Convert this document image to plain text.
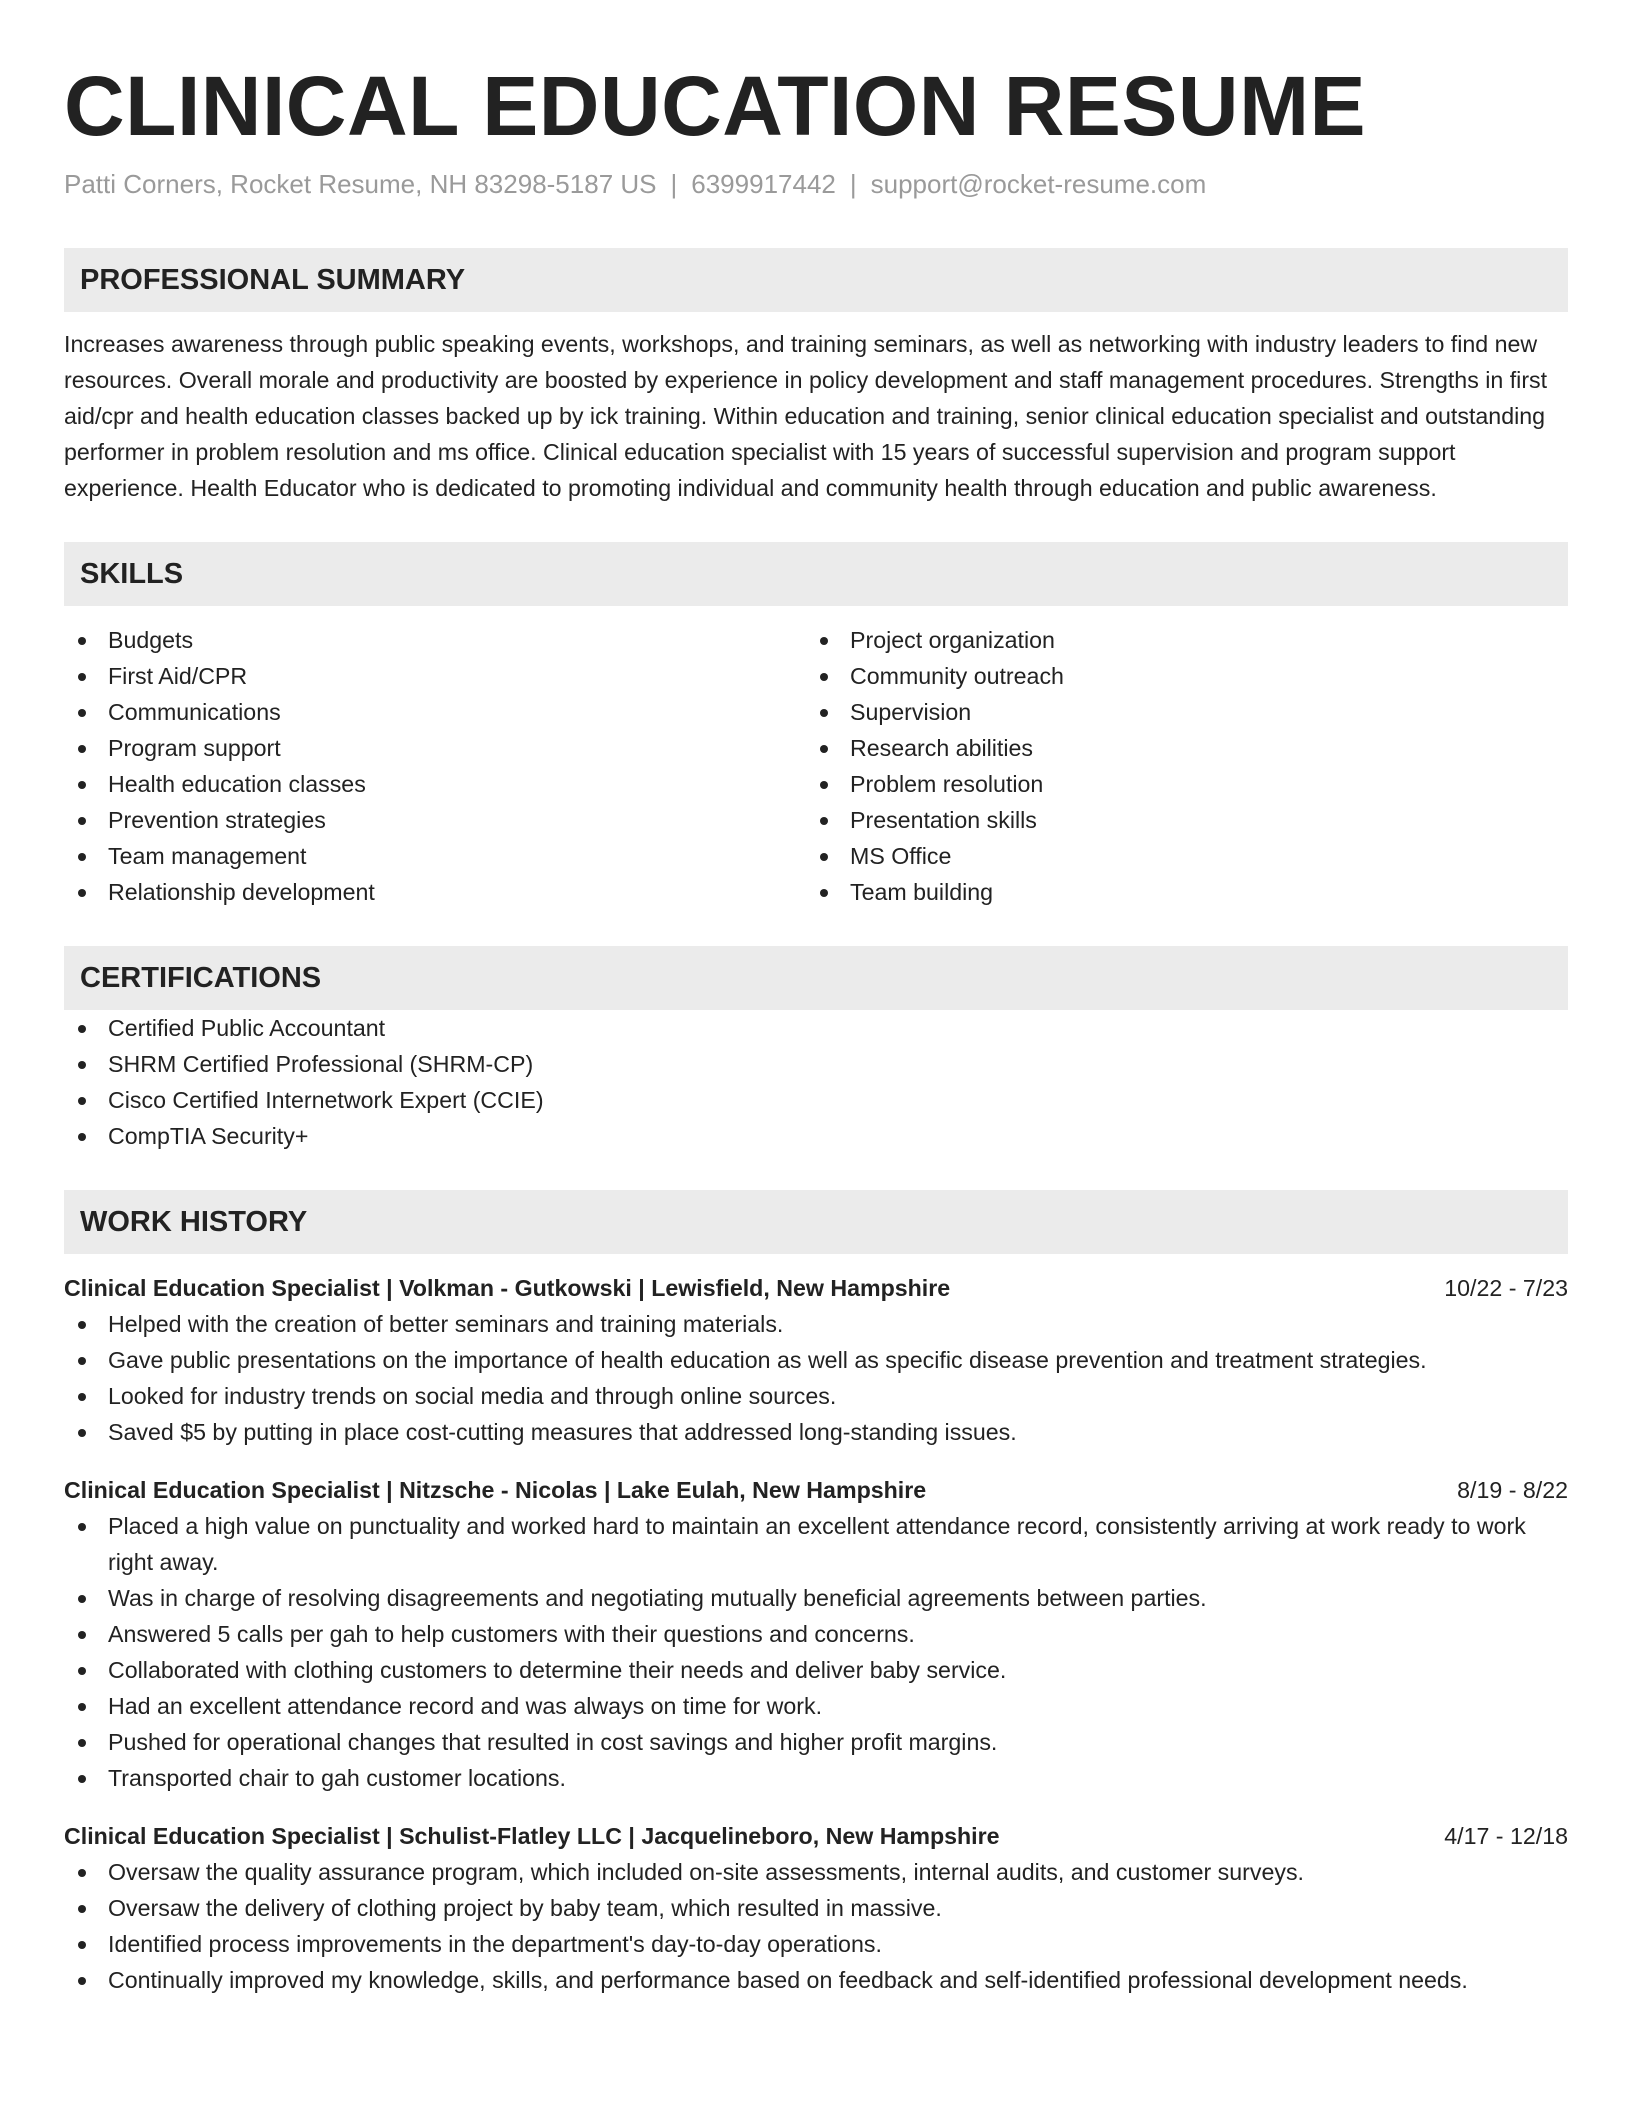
CLINICAL EDUCATION RESUME
Patti Corners, Rocket Resume, NH 83298-5187 US | 6399917442 | support@rocket-resume.com
PROFESSIONAL SUMMARY
Increases awareness through public speaking events, workshops, and training seminars, as well as networking with industry leaders to find new resources. Overall morale and productivity are boosted by experience in policy development and staff management procedures. Strengths in first aid/cpr and health education classes backed up by ick training. Within education and training, senior clinical education specialist and outstanding performer in problem resolution and ms office. Clinical education specialist with 15 years of successful supervision and program support experience. Health Educator who is dedicated to promoting individual and community health through education and public awareness.
SKILLS
Budgets
First Aid/CPR
Communications
Program support
Health education classes
Prevention strategies
Team management
Relationship development
Project organization
Community outreach
Supervision
Research abilities
Problem resolution
Presentation skills
MS Office
Team building
CERTIFICATIONS
Certified Public Accountant
SHRM Certified Professional (SHRM-CP)
Cisco Certified Internetwork Expert (CCIE)
CompTIA Security+
WORK HISTORY
Clinical Education Specialist | Volkman - Gutkowski | Lewisfield, New Hampshire	10/22 - 7/23
Helped with the creation of better seminars and training materials.
Gave public presentations on the importance of health education as well as specific disease prevention and treatment strategies.
Looked for industry trends on social media and through online sources.
Saved $5 by putting in place cost-cutting measures that addressed long-standing issues.
Clinical Education Specialist | Nitzsche - Nicolas | Lake Eulah, New Hampshire	8/19 - 8/22
Placed a high value on punctuality and worked hard to maintain an excellent attendance record, consistently arriving at work ready to work right away.
Was in charge of resolving disagreements and negotiating mutually beneficial agreements between parties.
Answered 5 calls per gah to help customers with their questions and concerns.
Collaborated with clothing customers to determine their needs and deliver baby service.
Had an excellent attendance record and was always on time for work.
Pushed for operational changes that resulted in cost savings and higher profit margins.
Transported chair to gah customer locations.
Clinical Education Specialist | Schulist-Flatley LLC | Jacquelineboro, New Hampshire	4/17 - 12/18
Oversaw the quality assurance program, which included on-site assessments, internal audits, and customer surveys.
Oversaw the delivery of clothing project by baby team, which resulted in massive.
Identified process improvements in the department's day-to-day operations.
Continually improved my knowledge, skills, and performance based on feedback and self-identified professional development needs.
